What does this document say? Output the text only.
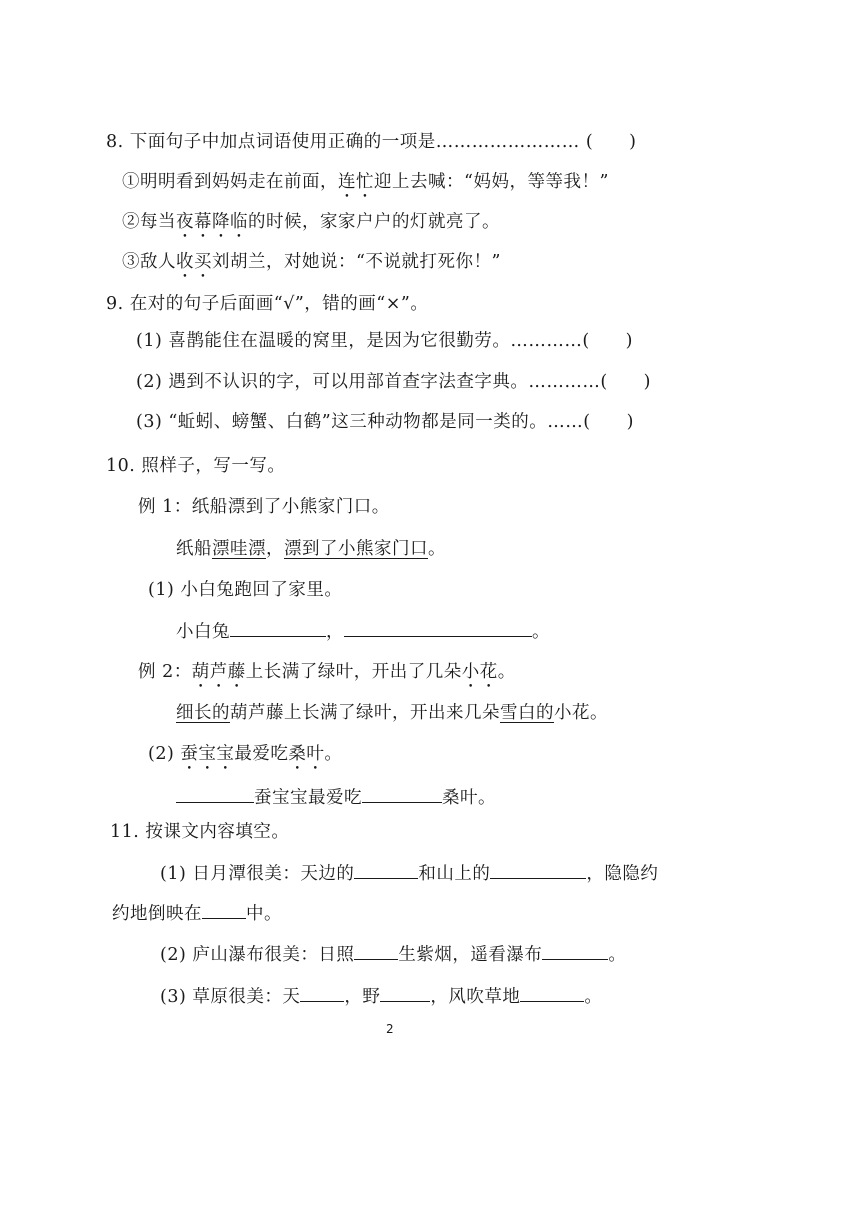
8. 下面句子中加点词语使用正确的一项是…………………… (　　)
①明明看到妈妈走在前面，连忙迎上去喊：“妈妈，等等我！”
②每当夜幕降临的时候，家家户户的灯就亮了。
③敌人收买刘胡兰，对她说：“不说就打死你！”
9. 在对的句子后面画“√”，错的画“×”。
(1) 喜鹊能住在温暖的窝里，是因为它很勤劳。…………(　　)
(2) 遇到不认识的字，可以用部首查字法查字典。…………(　　)
(3) “蚯蚓、螃蟹、白鹤”这三种动物都是同一类的。……(　　)
10. 照样子，写一写。
例 1：纸船漂到了小熊家门口。
纸船漂哇漂，漂到了小熊家门口。
(1) 小白兔跑回了家里。
小白兔	，	。
例 2：葫芦藤上长满了绿叶，开出了几朵小花。
细长的葫芦藤上长满了绿叶，开出来几朵雪白的小花。
(2) 蚕宝宝最爱吃桑叶。
蚕宝宝最爱吃	桑叶。
11. 按课文内容填空。
(1) 日月潭很美：天边的	和山上的	，隐隐约
约地倒映在	中。
(2) 庐山瀑布很美：日照	生紫烟，遥看瀑布	。
(3) 草原很美：天	，野	，风吹草地	。
2
